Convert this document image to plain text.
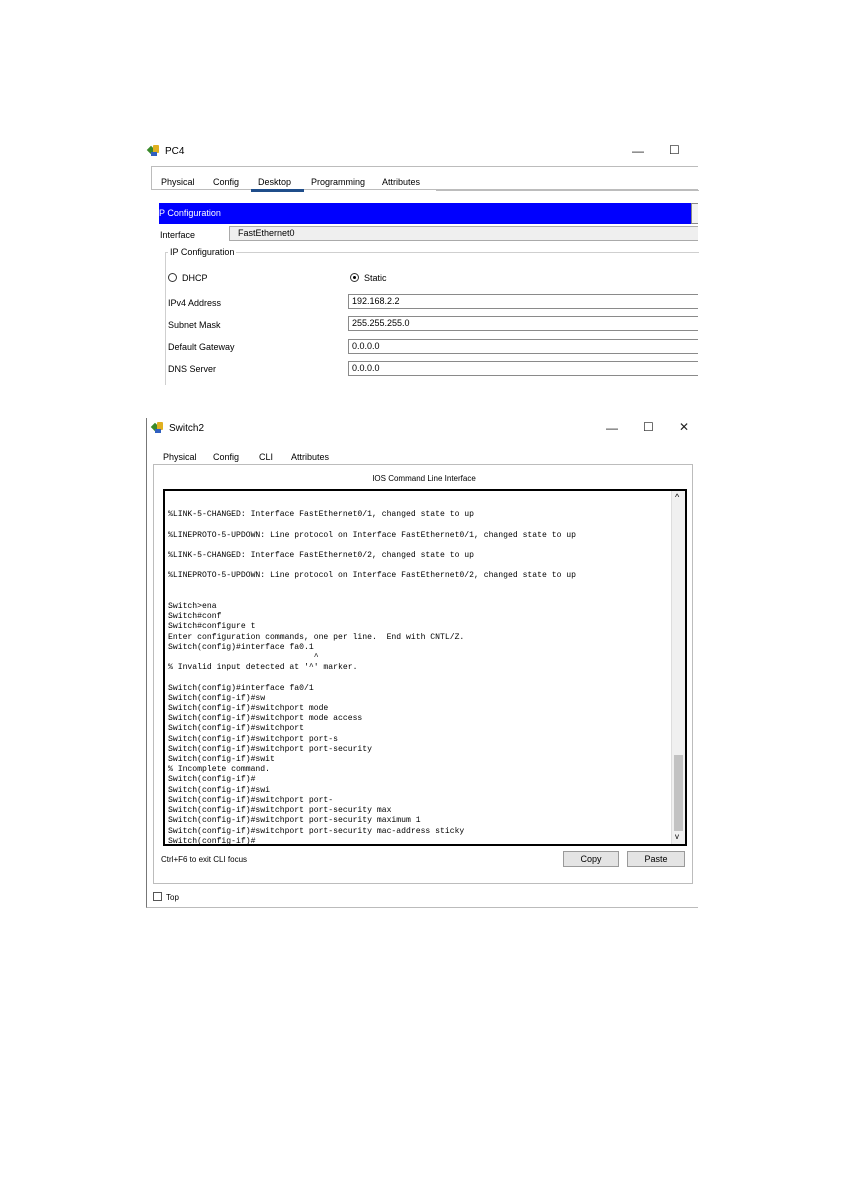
PC4	— ☐
Physical	Config	Desktop	Programming	Attributes
P Configuration
Interface	FastEthernet0
IP Configuration
DHCP	Static
IPv4 Address	192.168.2.2
Subnet Mask	255.255.255.0
Default Gateway	0.0.0.0
DNS Server	0.0.0.0
Switch2	— ☐ ✕
Physical	Config	CLI	Attributes
IOS Command Line Interface

%LINK-5-CHANGED: Interface FastEthernet0/1, changed state to up

%LINEPROTO-5-UPDOWN: Line protocol on Interface FastEthernet0/1, changed state to up

%LINK-5-CHANGED: Interface FastEthernet0/2, changed state to up

%LINEPROTO-5-UPDOWN: Line protocol on Interface FastEthernet0/2, changed state to up

Switch>ena
Switch#conf
Switch#configure t
Enter configuration commands, one per line.  End with CNTL/Z.
Switch(config)#interface fa0.1
^
% Invalid input detected at '^' marker.

Switch(config)#interface fa0/1
Switch(config-if)#sw
Switch(config-if)#switchport mode
Switch(config-if)#switchport mode access
Switch(config-if)#switchport
Switch(config-if)#switchport port-s
Switch(config-if)#switchport port-security
Switch(config-if)#swit
% Incomplete command.
Switch(config-if)#
Switch(config-if)#swi
Switch(config-if)#switchport port-
Switch(config-if)#switchport port-security max
Switch(config-if)#switchport port-security maximum 1
Switch(config-if)#switchport port-security mac-address sticky
Switch(config-if)#
^
v
Ctrl+F6 to exit CLI focus	Copy	Paste
Top
